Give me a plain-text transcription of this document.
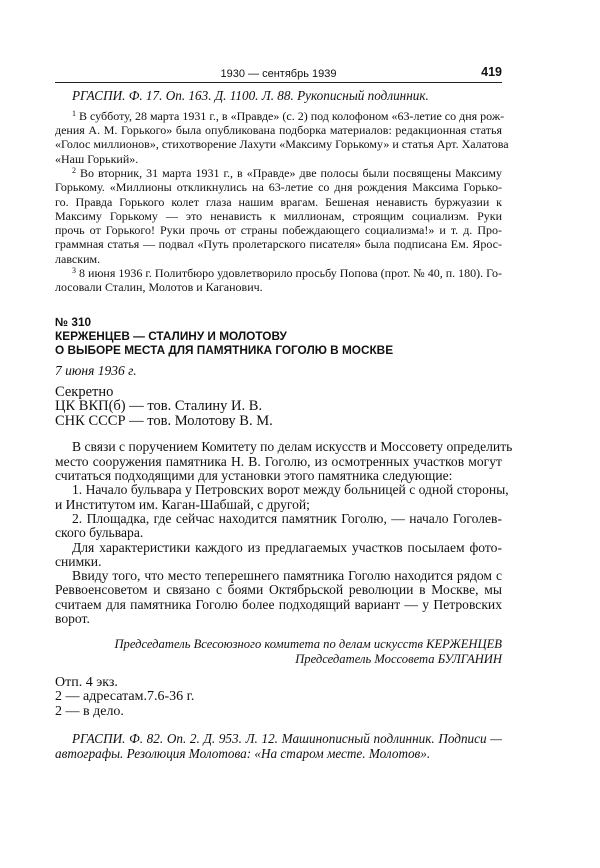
1930 — сентябрь 1939	419
РГАСПИ. Ф. 17. Оп. 163. Д. 1100. Л. 88. Рукописный подлинник.
$^1$ В субботу, 28 марта 1931 г., в «Правде» (с. 2) под колофоном «63-летие со дня рож-
дения А. М. Горького» была опубликована подборка материалов: редакционная статья
«Голос миллионов», стихотворение Лахути «Максиму Горькому» и статья Арт. Халатова
«Наш Горький».
$^2$ Во вторник, 31 марта 1931 г., в «Правде» две полосы были посвящены Максиму
Горькому. «Миллионы откликнулись на 63-летие со дня рождения Максима Горько-
го. Правда Горького колет глаза нашим врагам. Бешеная ненависть буржуазии к
Максиму Горькому — это ненависть к миллионам, строящим социализм. Руки
прочь от Горького! Руки прочь от страны побеждающего социализма!» и т. д. Про-
граммная статья — подвал «Путь пролетарского писателя» была подписана Ем. Ярос-
лавским.
$^3$ 8 июня 1936 г. Политбюро удовлетворило просьбу Попова (прот. № 40, п. 180). Го-
лосовали Сталин, Молотов и Каганович.
№ 310
КЕРЖЕНЦЕВ — СТАЛИНУ И МОЛОТОВУ
О ВЫБОРЕ МЕСТА ДЛЯ ПАМЯТНИКА ГОГОЛЮ В МОСКВЕ
7 июня 1936 г.
Секретно
ЦК ВКП(б) — тов. Сталину И. В.
СНК СССР — тов. Молотову В. М.
В связи с поручением Комитету по делам искусств и Моссовету определить
место сооружения памятника Н. В. Гоголю, из осмотренных участков могут
считаться подходящими для установки этого памятника следующие:
1. Начало бульвара у Петровских ворот между больницей с одной стороны,
и Институтом им. Каган-Шабшай, с другой;
2. Площадка, где сейчас находится памятник Гоголю, — начало Гоголев-
ского бульвара.
Для характеристики каждого из предлагаемых участков посылаем фото-
снимки.
Ввиду того, что место теперешнего памятника Гоголю находится рядом с
Реввоенсоветом и связано с боями Октябрьской революции в Москве, мы
считаем для памятника Гоголю более подходящий вариант — у Петровских
ворот.
Председатель Всесоюзного комитета по делам искусств КЕРЖЕНЦЕВ
Председатель Моссовета БУЛГАНИН
Отп. 4 экз.
2 — адресатам.7.6-36 г.
2 — в дело.
РГАСПИ. Ф. 82. Оп. 2. Д. 953. Л. 12. Машинописный подлинник. Подписи —
автографы. Резолюция Молотова: «На старом месте. Молотов».
